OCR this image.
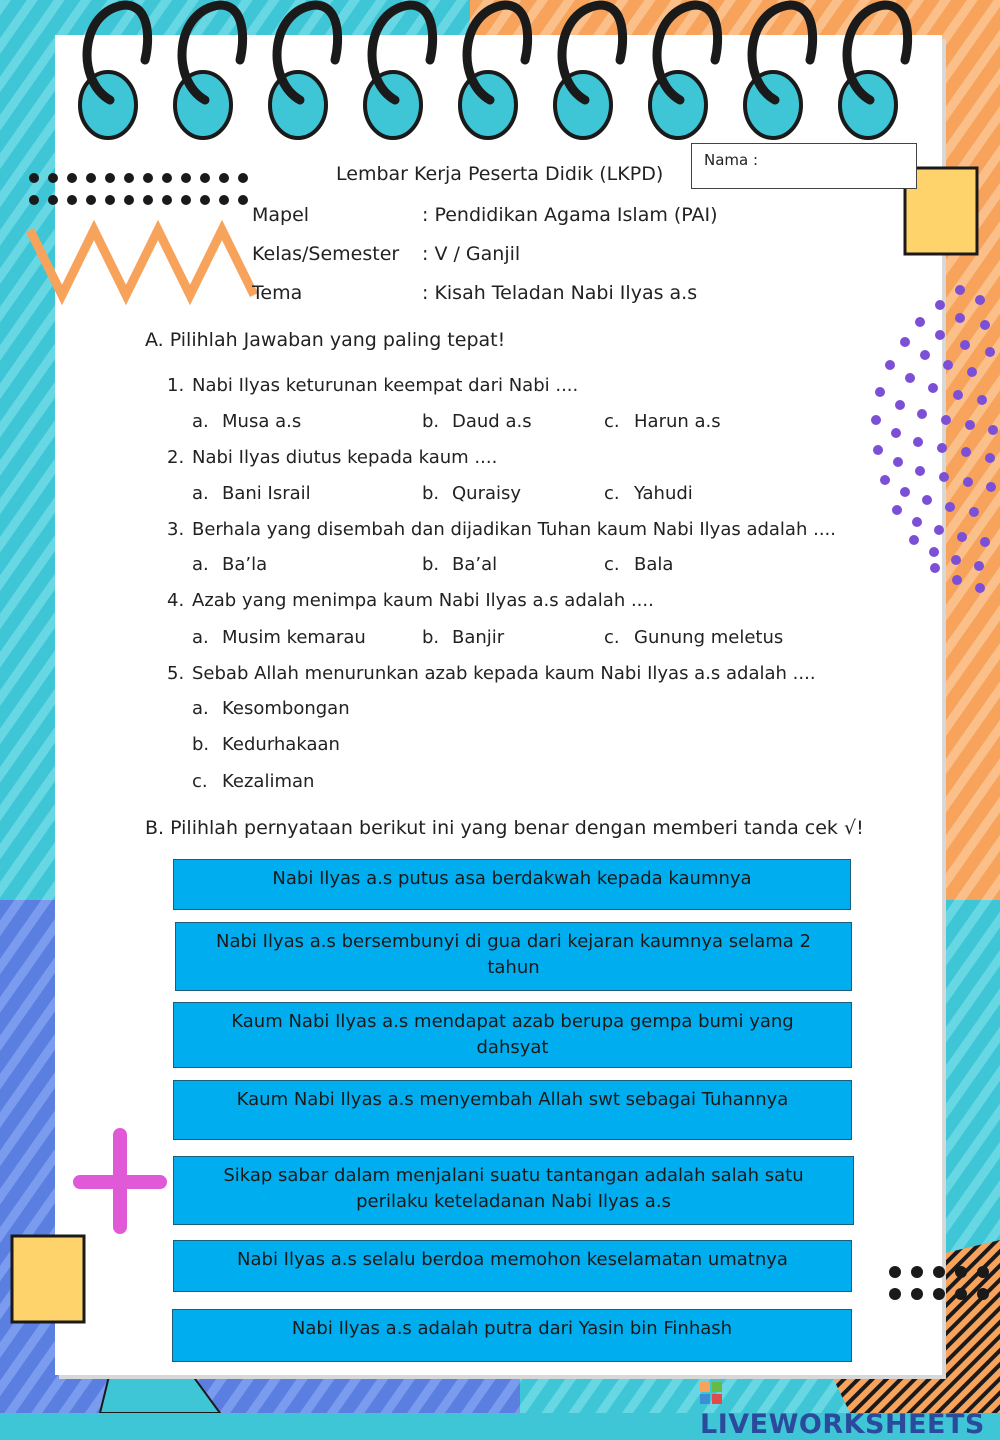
Lembar Kerja Peserta Didik (LKPD)
Nama :
Mapel	: Pendidikan Agama Islam (PAI)
Kelas/Semester : V / Ganjil
Tema	: Kisah Teladan Nabi Ilyas a.s
A. Pilihlah Jawaban yang paling tepat!
1. Nabi Ilyas keturunan keempat dari Nabi ....
a. Musa a.s	b. Daud a.s	c. Harun a.s
2. Nabi Ilyas diutus kepada kaum ....
a. Bani Israil	b. Quraisy	c. Yahudi
3. Berhala yang disembah dan dijadikan Tuhan kaum Nabi Ilyas adalah ....
a. Ba’la	b. Ba’al	c. Bala
4. Azab yang menimpa kaum Nabi Ilyas a.s adalah ....
a. Musim kemarau	b. Banjir	c. Gunung meletus
5. Sebab Allah menurunkan azab kepada kaum Nabi Ilyas a.s adalah ....
a. Kesombongan
b. Kedurhakaan
c. Kezaliman
B. Pilihlah pernyataan berikut ini yang benar dengan memberi tanda cek √!
Nabi Ilyas a.s putus asa berdakwah kepada kaumnya
Nabi Ilyas a.s bersembunyi di gua dari kejaran kaumnya selama 2 tahun
Kaum Nabi Ilyas a.s mendapat azab berupa gempa bumi yang dahsyat
Kaum Nabi Ilyas a.s menyembah Allah swt sebagai Tuhannya
Sikap sabar dalam menjalani suatu tantangan adalah salah satu perilaku keteladanan Nabi Ilyas a.s
Nabi Ilyas a.s selalu berdoa memohon keselamatan umatnya
Nabi Ilyas a.s adalah putra dari Yasin bin Finhash
LIVEWORKSHEETS
